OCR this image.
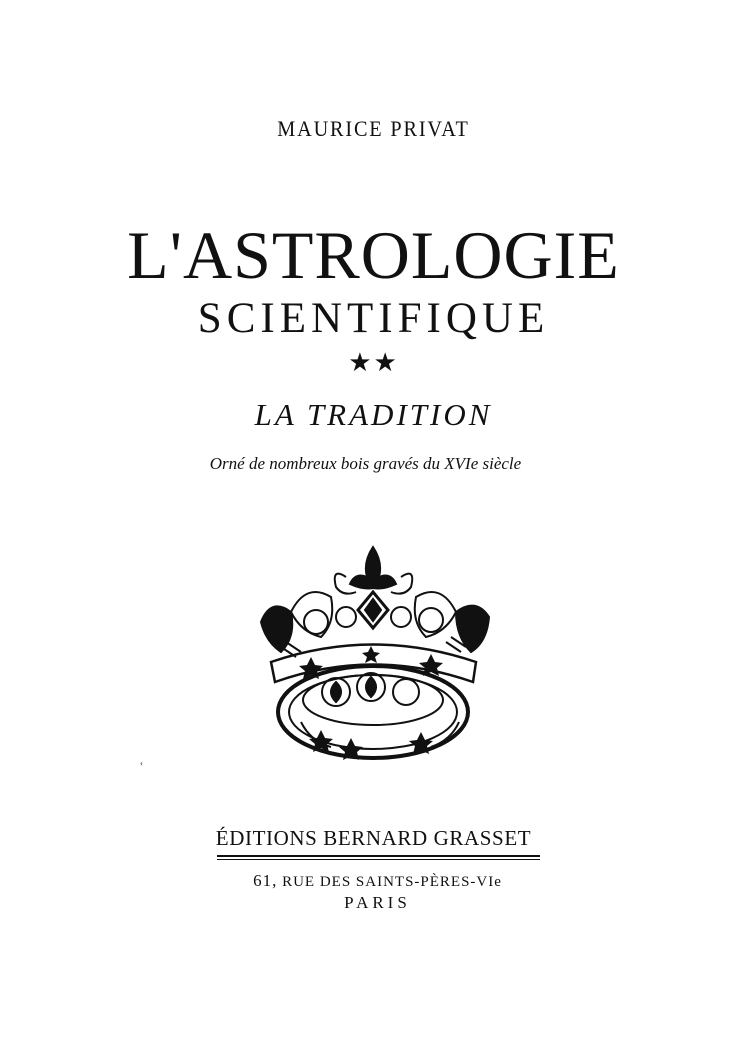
MAURICE PRIVAT
L'ASTROLOGIE
SCIENTIFIQUE
★★
LA TRADITION
Orné de nombreux bois gravés du XVIe siècle
‹
ÉDITIONS BERNARD GRASSET
61, RUE DES SAINTS-PÈRES-VIe
PARIS
